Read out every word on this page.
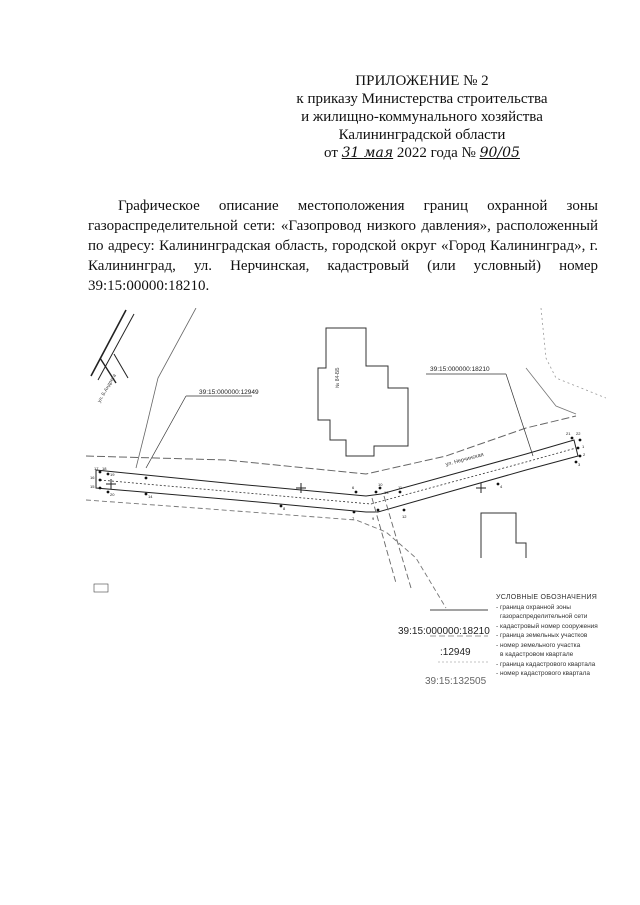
ПРИЛОЖЕНИЕ № 2
к приказу Министерства строительства
и жилищно-коммунального хозяйства
Калининградской области
от 31 мая 2022 года № 90/05
Графическое описание местоположения границ охранной зоны газораспределительной сети: «Газопровод низкого давления», расположенный по адресу: Калининградская область, городской округ «Город Калининград», г. Калининград, ул. Нерчинская, кадастровый (или условный) номер 39:15:00000:18210.
№ 84-ББ
ул. Нерчинская
ул. Б.Андрета	39:15:000000:12949
39:15:000000:18210
17
16
18
15
19
20	14
8
7
6
9
10
11
12
13
21 22
1
2
3
4
39:15:000000:18210
:12949
39:15:132505
УСЛОВНЫЕ ОБОЗНАЧЕНИЯ
- граница охранной зоны
газораспределительной сети
- кадастровый номер сооружения
- граница земельных участков
- номер земельного участка
в кадастровом квартале
- граница кадастрового квартала
- номер кадастрового квартала
